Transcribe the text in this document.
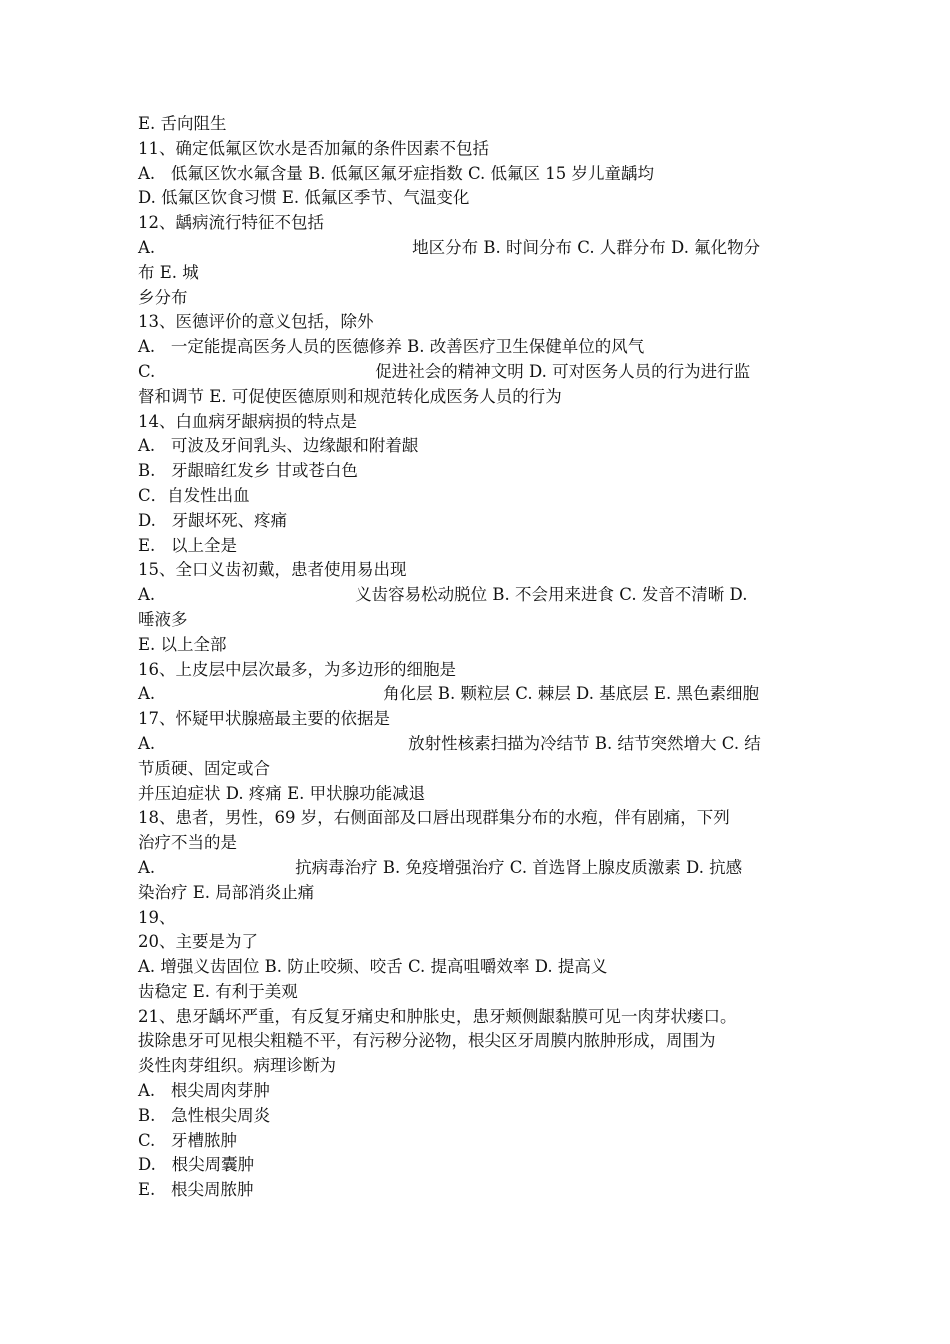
E. 舌向阻生
11、确定低氟区饮水是否加氟的条件因素不包括
A.   低氟区饮水氟含量 B. 低氟区氟牙症指数 C. 低氟区 15 岁儿童龋均
D. 低氟区饮食习惯 E. 低氟区季节、气温变化
12、龋病流行特征不包括
A.	地区分布 B. 时间分布 C. 人群分布 D. 氟化物分
布 E. 城
乡分布
13、医德评价的意义包括，除外
A.   一定能提高医务人员的医德修养 B. 改善医疗卫生保健单位的风气
C.	促进社会的精神文明 D. 可对医务人员的行为进行监
督和调节 E. 可促使医德原则和规范转化成医务人员的行为
14、白血病牙龈病损的特点是
A.   可波及牙间乳头、边缘龈和附着龈
B.   牙龈暗红发乡 甘或苍白色
C．自发性出血
D.   牙龈坏死、疼痛
E.   以上全是
15、全口义齿初戴，患者使用易出现
A.	义齿容易松动脱位 B. 不会用来进食 C. 发音不清晰 D.
唾液多
E. 以上全部
16、上皮层中层次最多，为多边形的细胞是
A.	角化层 B. 颗粒层 C. 棘层 D. 基底层 E. 黑色素细胞
17、怀疑甲状腺癌最主要的依据是
A.	放射性核素扫描为冷结节 B. 结节突然增大 C. 结
节质硬、固定或合
并压迫症状 D. 疼痛 E. 甲状腺功能减退
18、患者，男性，69 岁，右侧面部及口唇出现群集分布的水疱，伴有剧痛，下列
治疗不当的是
A.	抗病毒治疗 B. 免疫增强治疗 C. 首选肾上腺皮质激素 D. 抗感
染治疗 E. 局部消炎止痛
19、
20、主要是为了
A. 增强义齿固位 B. 防止咬频、咬舌 C. 提高咀嚼效率 D. 提高义
齿稳定 E. 有利于美观
21、患牙龋坏严重，有反复牙痛史和肿胀史，患牙颊侧龈黏膜可见一肉芽状瘘口。
拔除患牙可见根尖粗糙不平，有污秽分泌物，根尖区牙周膜内脓肿形成，周围为
炎性肉芽组织。病理诊断为
A.   根尖周肉芽肿
B.   急性根尖周炎
C.   牙槽脓肿
D.   根尖周囊肿
E.   根尖周脓肿
